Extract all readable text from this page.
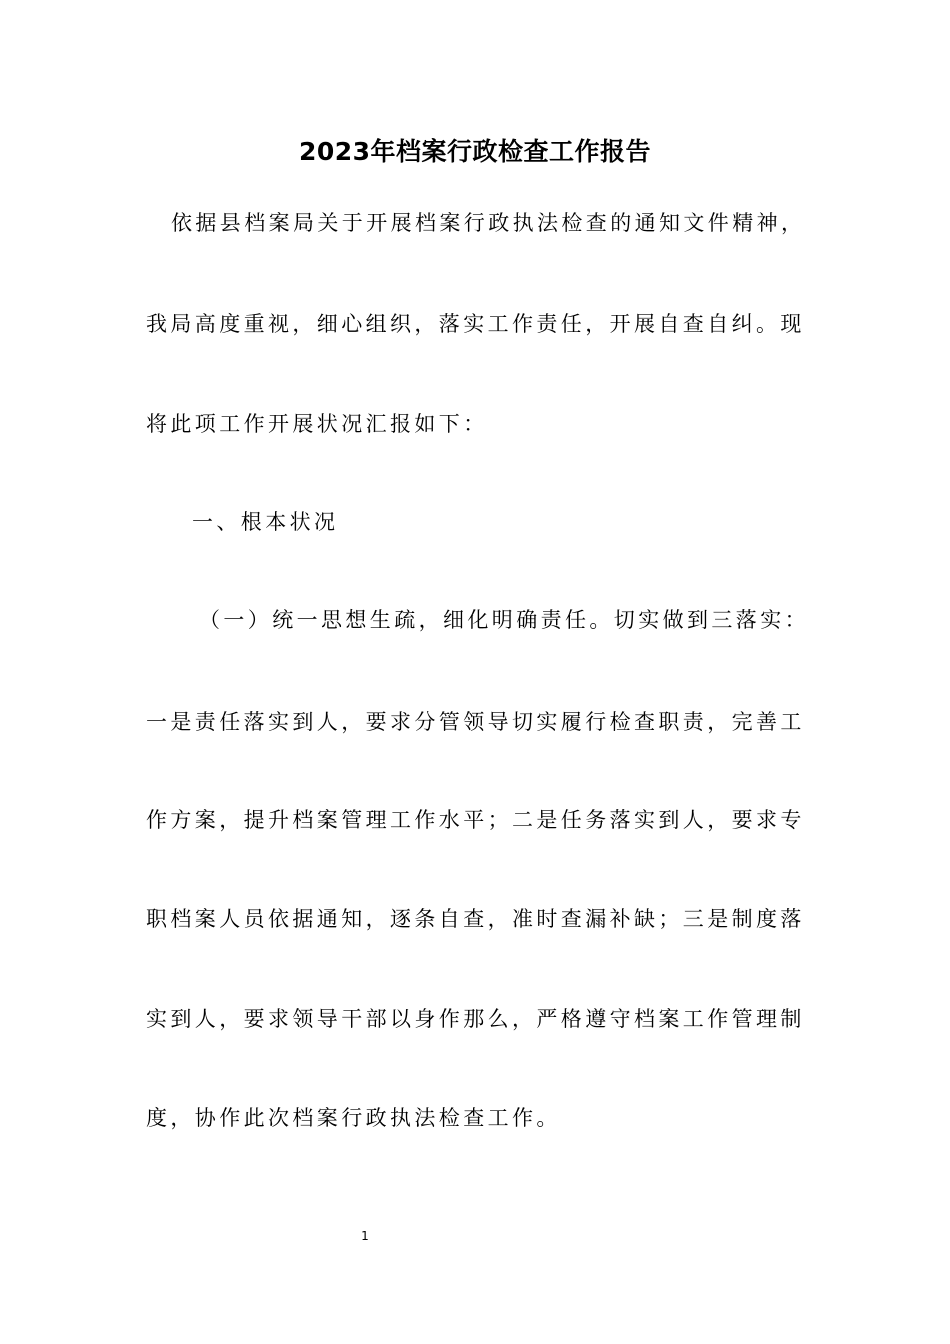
2023年档案行政检查工作报告
依据县档案局关于开展档案行政执法检查的通知文件精神，
我局高度重视，细心组织，落实工作责任，开展自查自纠。现
将此项工作开展状况汇报如下：
一、根本状况
（一）统一思想生疏，细化明确责任。切实做到三落实：
一是责任落实到人，要求分管领导切实履行检查职责，完善工
作方案，提升档案管理工作水平；二是任务落实到人，要求专
职档案人员依据通知，逐条自查，准时查漏补缺；三是制度落
实到人，要求领导干部以身作那么，严格遵守档案工作管理制
度，协作此次档案行政执法检查工作。
1
